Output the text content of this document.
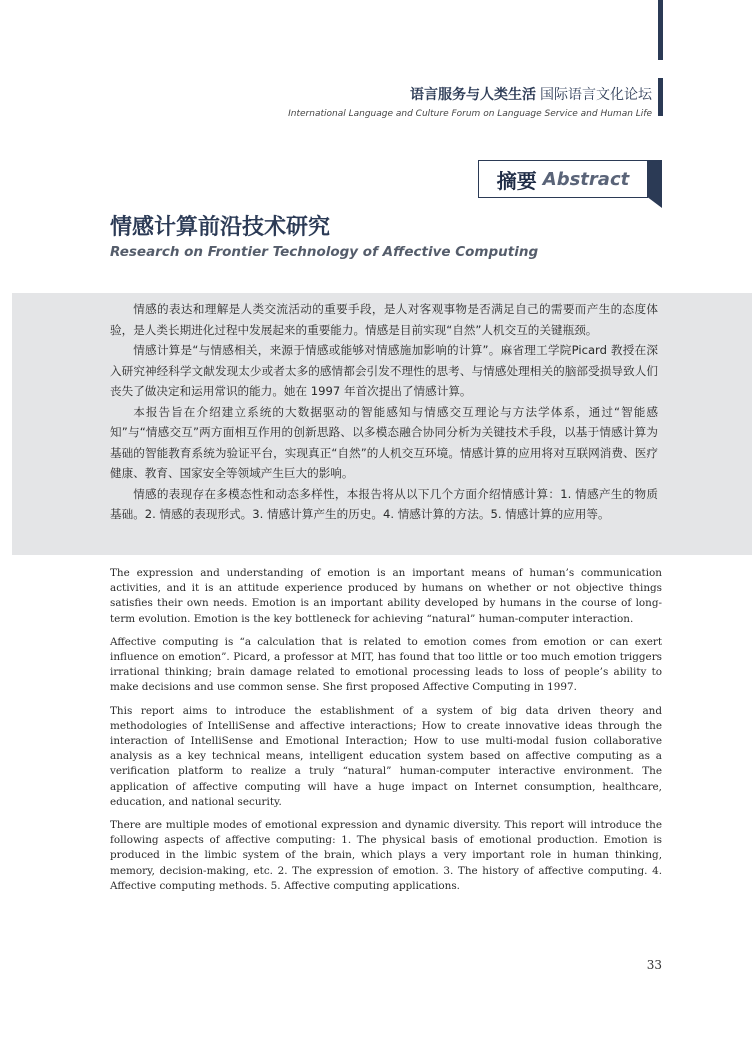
语言服务与人类生活 国际语言文化论坛
International Language and Culture Forum on Language Service and Human Life
摘要 Abstract
情感计算前沿技术研究
Research on Frontier Technology of Affective Computing

情感的表达和理解是人类交流活动的重要手段，是人对客观事物是否满足自己的需要而产生的态度体验，是人类长期进化过程中发展起来的重要能力。情感是目前实现“自然”人机交互的关键瓶颈。

情感计算是“与情感相关，来源于情感或能够对情感施加影响的计算”。麻省理工学院Picard 教授在深入研究神经科学文献发现太少或者太多的感情都会引发不理性的思考、与情感处理相关的脑部受损导致人们丧失了做决定和运用常识的能力。她在 1997 年首次提出了情感计算。

本报告旨在介绍建立系统的大数据驱动的智能感知与情感交互理论与方法学体系，通过“智能感知”与“情感交互”两方面相互作用的创新思路、以多模态融合协同分析为关键技术手段，以基于情感计算为基础的智能教育系统为验证平台，实现真正“自然”的人机交互环境。情感计算的应用将对互联网消费、医疗健康、教育、国家安全等领域产生巨大的影响。

情感的表现存在多模态性和动态多样性，本报告将从以下几个方面介绍情感计算：1. 情感产生的物质基础。2. 情感的表现形式。3. 情感计算产生的历史。4. 情感计算的方法。5. 情感计算的应用等。

The expression and understanding of emotion is an important means of human’s communication activities, and it is an attitude experience produced by humans on whether or not objective things satisfies their own needs. Emotion is an important ability developed by humans in the course of long-term evolution. Emotion is the key bottleneck for achieving “natural” human-computer interaction.

Affective computing is “a calculation that is related to emotion comes from emotion or can exert influence on emotion”. Picard, a professor at MIT, has found that too little or too much emotion triggers irrational thinking; brain damage related to emotional processing leads to loss of people’s ability to make decisions and use common sense. She first proposed Affective Computing in 1997.

This report aims to introduce the establishment of a system of big data driven theory and methodologies of IntelliSense and affective interactions; How to create innovative ideas through the interaction of IntelliSense and Emotional Interaction; How to use multi-modal fusion collaborative analysis as a key technical means, intelligent education system based on affective computing as a verification platform to realize a truly “natural” human-computer interactive environment. The application of affective computing will have a huge impact on Internet consumption, healthcare, education, and national security.

There are multiple modes of emotional expression and dynamic diversity. This report will introduce the following aspects of affective computing: 1. The physical basis of emotional production. Emotion is produced in the limbic system of the brain, which plays a very important role in human thinking, memory, decision-making, etc. 2. The expression of emotion. 3. The history of affective computing. 4. Affective computing methods. 5. Affective computing applications.

33
